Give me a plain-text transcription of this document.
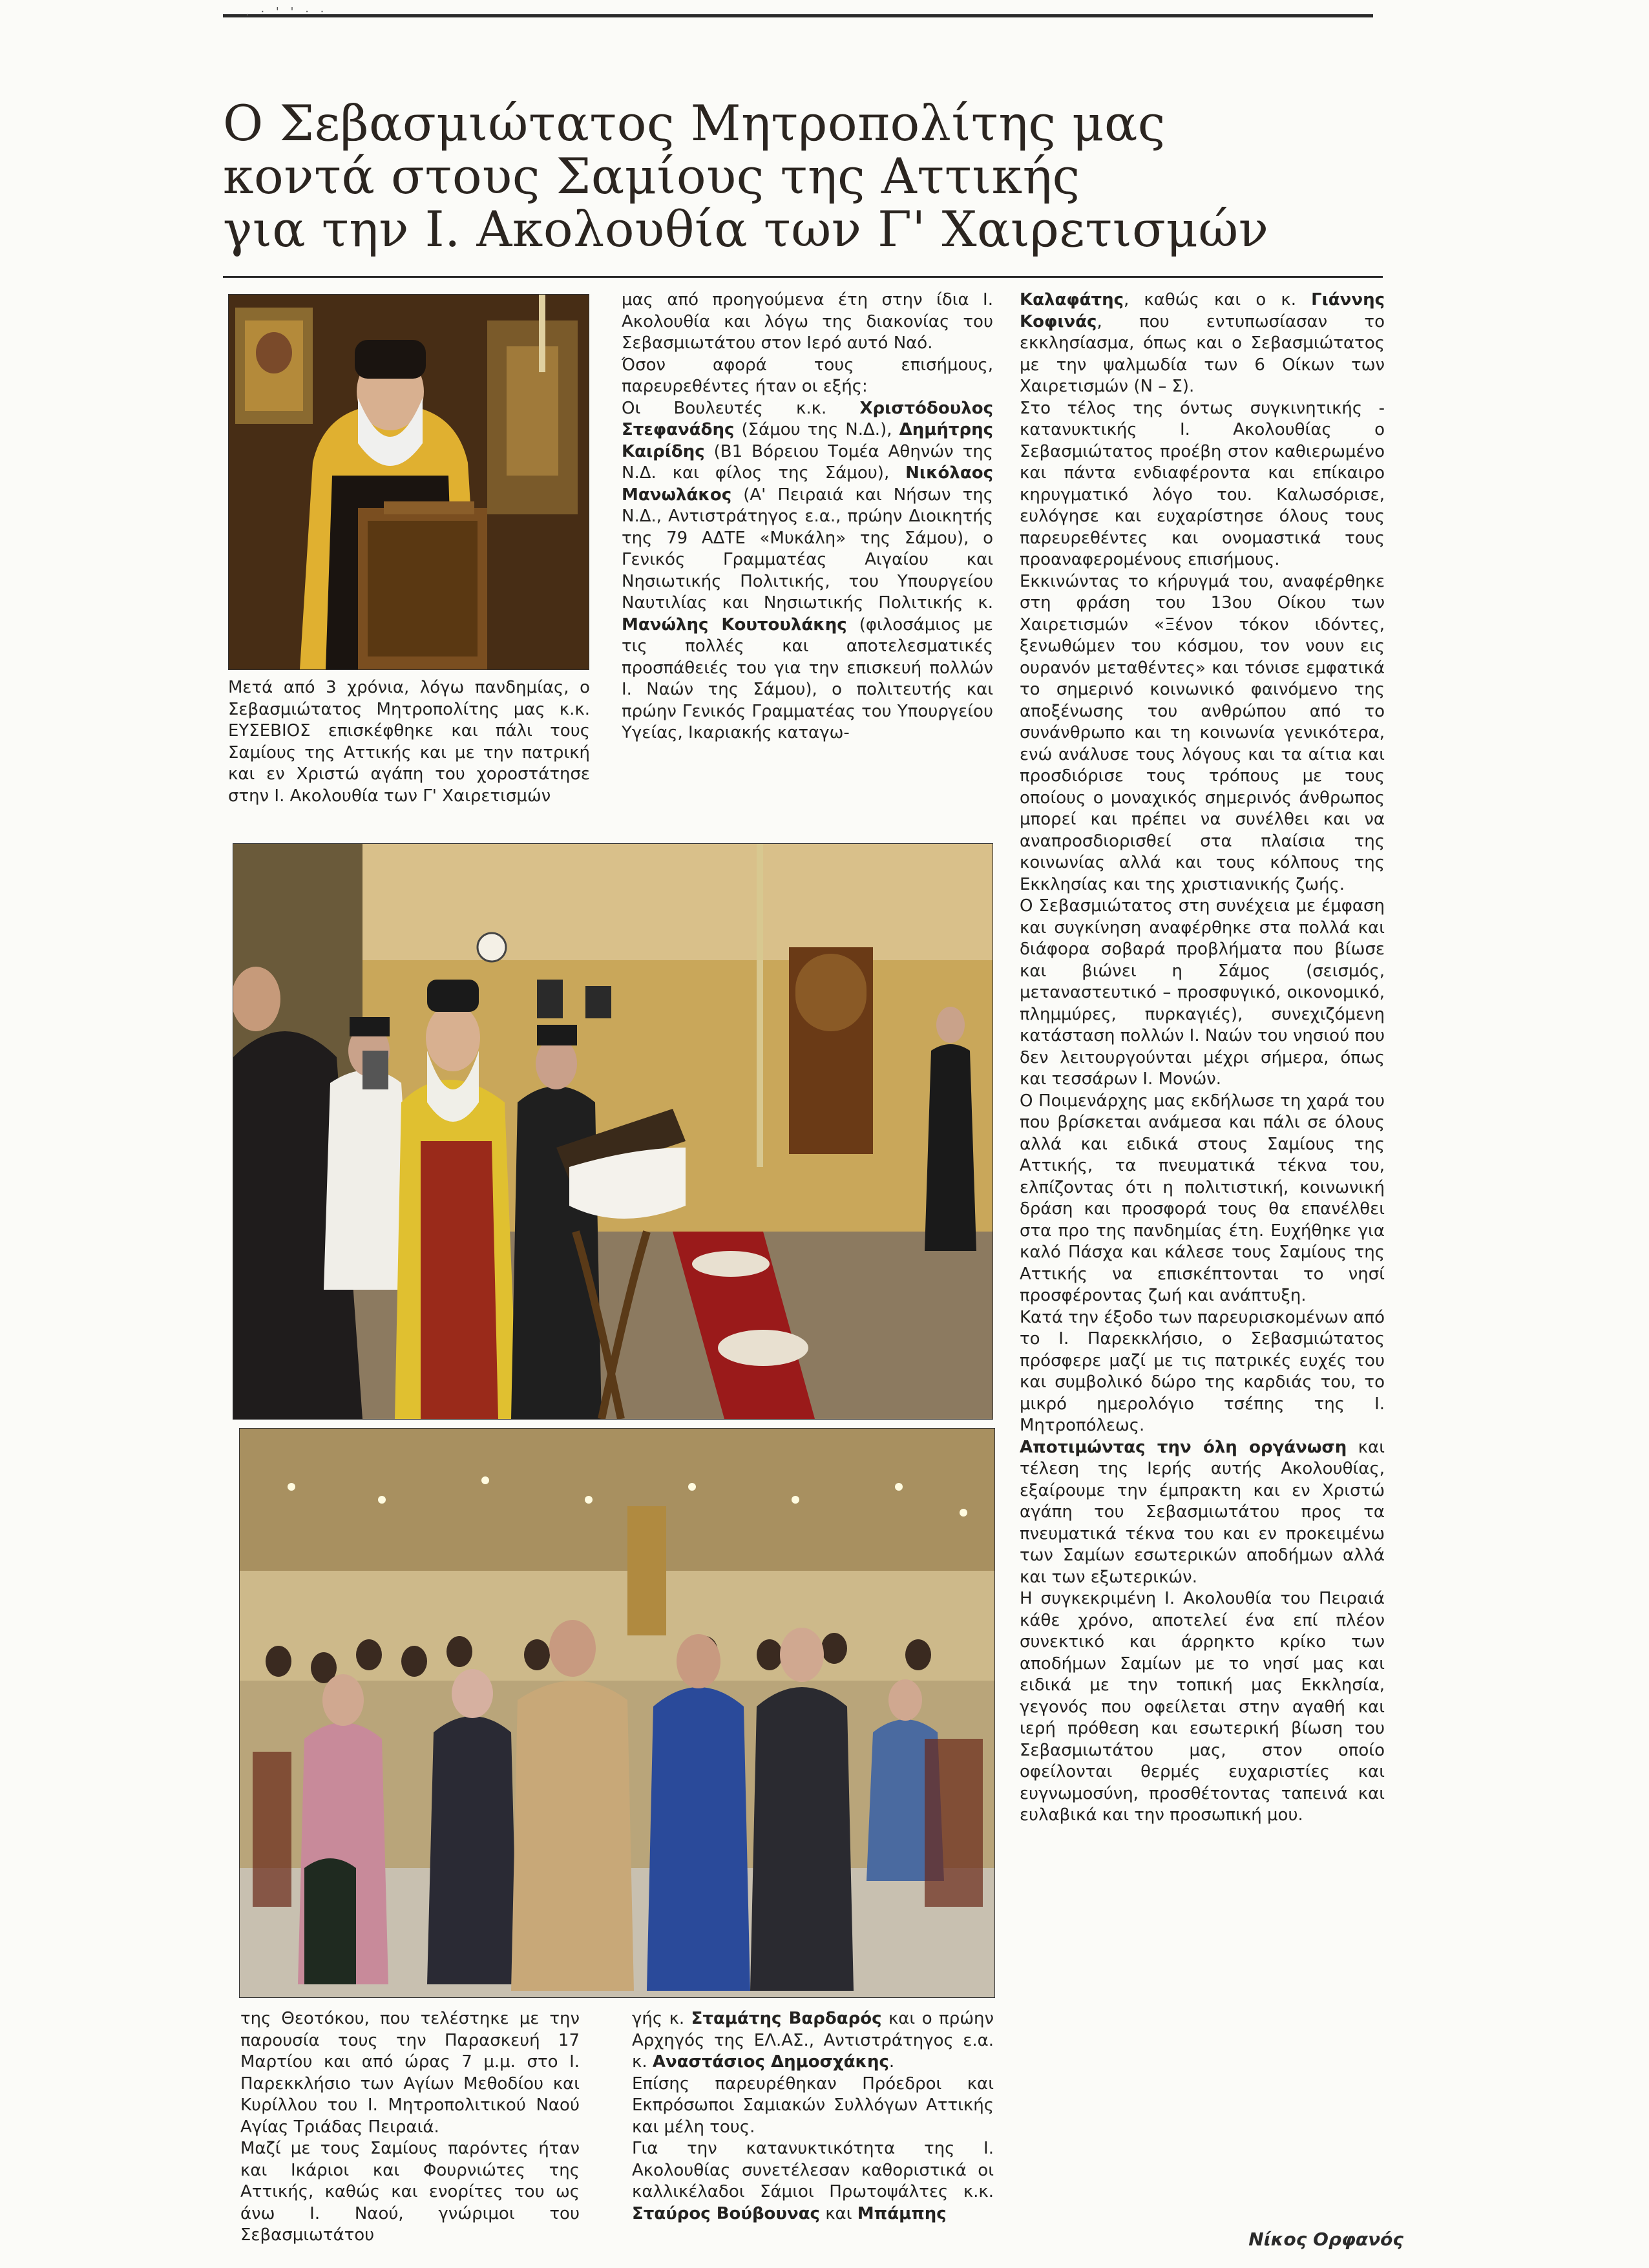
. · ' ' · ·
Ο Σεβασμιώτατος Μητροπολίτης μας
κοντά στους Σαμίους της Αττικής
για την Ι. Ακολουθία των Γ' Χαιρετισμών
Μετά από 3 χρόνια, λόγω πανδημίας, ο Σεβασμιώτατος Μητροπολίτης μας κ.κ. ΕΥΣΕΒΙΟΣ επισκέφθηκε και πάλι τους Σαμίους της Αττικής και με την πατρική και εν Χριστώ αγάπη του χοροστάτησε στην Ι. Ακολουθία των Γ' Χαιρετισμών

μας από προηγούμενα έτη στην ίδια Ι. Ακολουθία και λόγω της διακονίας του Σεβασμιωτάτου στον Ιερό αυτό Ναό.

Όσον αφορά τους επισήμους, παρευρεθέντες ήταν οι εξής:

Οι Βουλευτές κ.κ. Χριστόδουλος Στεφανάδης (Σάμου της Ν.Δ.), Δημήτρης Καιρίδης (Β1 Βόρειου Τομέα Αθηνών της Ν.Δ. και φίλος της Σάμου), Νικόλαος Μανωλάκος (Α' Πειραιά και Νήσων της Ν.Δ., Αντιστράτηγος ε.α., πρώην Διοικητής της 79 ΑΔΤΕ «Μυκάλη» της Σάμου), ο Γενικός Γραμματέας Αιγαίου και Νησιωτικής Πολιτικής, του Υπουργείου Ναυτιλίας και Νησιωτικής Πολιτικής κ. Μανώλης Κουτουλάκης (φιλοσάμιος με τις πολλές και αποτελεσματικές προσπάθειές του για την επισκευή πολλών Ι. Ναών της Σάμου), ο πολιτευτής και πρώην Γενικός Γραμματέας του Υπουργείου Υγείας, Ικαριακής καταγω-

Καλαφάτης, καθώς και ο κ. Γιάννης Κοφινάς, που εντυπωσίασαν το εκκλησίασμα, όπως και ο Σεβασμιώτατος με την ψαλμωδία των 6 Οίκων των Χαιρετισμών (Ν – Σ).

Στο τέλος της όντως συγκινητικής - κατανυκτικής Ι. Ακολουθίας ο Σεβασμιώτατος προέβη στον καθιερωμένο και πάντα ενδιαφέροντα και επίκαιρο κηρυγματικό λόγο του. Καλωσόρισε, ευλόγησε και ευχαρίστησε όλους τους παρευρεθέντες και ονομαστικά τους προαναφερομένους επισήμους.

Εκκινώντας το κήρυγμά του, αναφέρθηκε στη φράση του 13ου Οίκου των Χαιρετισμών «Ξένον τόκον ιδόντες, ξενωθώμεν του κόσμου, τον νουν εις ουρανόν μεταθέντες» και τόνισε εμφατικά το σημερινό κοινωνικό φαινόμενο της αποξένωσης του ανθρώπου από το συνάνθρωπο και τη κοινωνία γενικότερα, ενώ ανάλυσε τους λόγους και τα αίτια και προσδιόρισε τους τρόπους με τους οποίους ο μοναχικός σημερινός άνθρωπος μπορεί και πρέπει να συνέλθει και να αναπροσδιορισθεί στα πλαίσια της κοινωνίας αλλά και τους κόλπους της Εκκλησίας και της χριστιανικής ζωής.

Ο Σεβασμιώτατος στη συνέχεια με έμφαση και συγκίνηση αναφέρθηκε στα πολλά και διάφορα σοβαρά προβλήματα που βίωσε και βιώνει η Σάμος (σεισμός, μεταναστευτικό – προσφυγικό, οικονομικό, πλημμύρες, πυρκαγιές), συνεχιζόμενη κατάσταση πολλών Ι. Ναών του νησιού που δεν λειτουργούνται μέχρι σήμερα, όπως και τεσσάρων Ι. Μονών.

Ο Ποιμενάρχης μας εκδήλωσε τη χαρά του που βρίσκεται ανάμεσα και πάλι σε όλους αλλά και ειδικά στους Σαμίους της Αττικής, τα πνευματικά τέκνα του, ελπίζοντας ότι η πολιτιστική, κοινωνική δράση και προσφορά τους θα επανέλθει στα προ της πανδημίας έτη. Ευχήθηκε για καλό Πάσχα και κάλεσε τους Σαμίους της Αττικής να επισκέπτονται το νησί προσφέροντας ζωή και ανάπτυξη.

Κατά την έξοδο των παρευρισκομένων από το Ι. Παρεκκλήσιο, ο Σεβασμιώτατος πρόσφερε μαζί με τις πατρικές ευχές του και συμβολικό δώρο της καρδιάς του, το μικρό ημερολόγιο τσέπης της Ι. Μητροπόλεως.

Αποτιμώντας την όλη οργάνωση και τέλεση της Ιερής αυτής Ακολουθίας, εξαίρουμε την έμπρακτη και εν Χριστώ αγάπη του Σεβασμιωτάτου προς τα πνευματικά τέκνα του και εν προκειμένω των Σαμίων εσωτερικών αποδήμων αλλά και των εξωτερικών.

Η συγκεκριμένη Ι. Ακολουθία του Πειραιά κάθε χρόνο, αποτελεί ένα επί πλέον συνεκτικό και άρρηκτο κρίκο των αποδήμων Σαμίων με το νησί μας και ειδικά με την τοπική μας Εκκλησία, γεγονός που οφείλεται στην αγαθή και ιερή πρόθεση και εσωτερική βίωση του Σεβασμιωτάτου μας, στον οποίο οφείλονται θερμές ευχαριστίες και ευγνωμοσύνη, προσθέτοντας ταπεινά και ευλαβικά και την προσωπική μου.

της Θεοτόκου, που τελέστηκε με την παρουσία τους την Παρασκευή 17 Μαρτίου και από ώρας 7 μ.μ. στο Ι. Παρεκκλήσιο των Αγίων Μεθοδίου και Κυρίλλου του Ι. Μητροπολιτικού Ναού Αγίας Τριάδας Πειραιά.

Μαζί με τους Σαμίους παρόντες ήταν και Ικάριοι και Φουρνιώτες της Αττικής, καθώς και ενορίτες του ως άνω Ι. Ναού, γνώριμοι του Σεβασμιωτάτου

γής κ. Σταμάτης Βαρδαρός και ο πρώην Αρχηγός της ΕΛ.ΑΣ., Αντιστράτηγος ε.α. κ. Αναστάσιος Δημοσχάκης.

Επίσης παρευρέθηκαν Πρόεδροι και Εκπρόσωποι Σαμιακών Συλλόγων Αττικής και μέλη τους.

Για την κατανυκτικότητα της Ι. Ακολουθίας συνετέλεσαν καθοριστικά οι καλλικέλαδοι Σάμιοι Πρωτοψάλτες κ.κ. Σταύρος Βούβουνας και Μπάμπης

Νίκος Ορφανός
